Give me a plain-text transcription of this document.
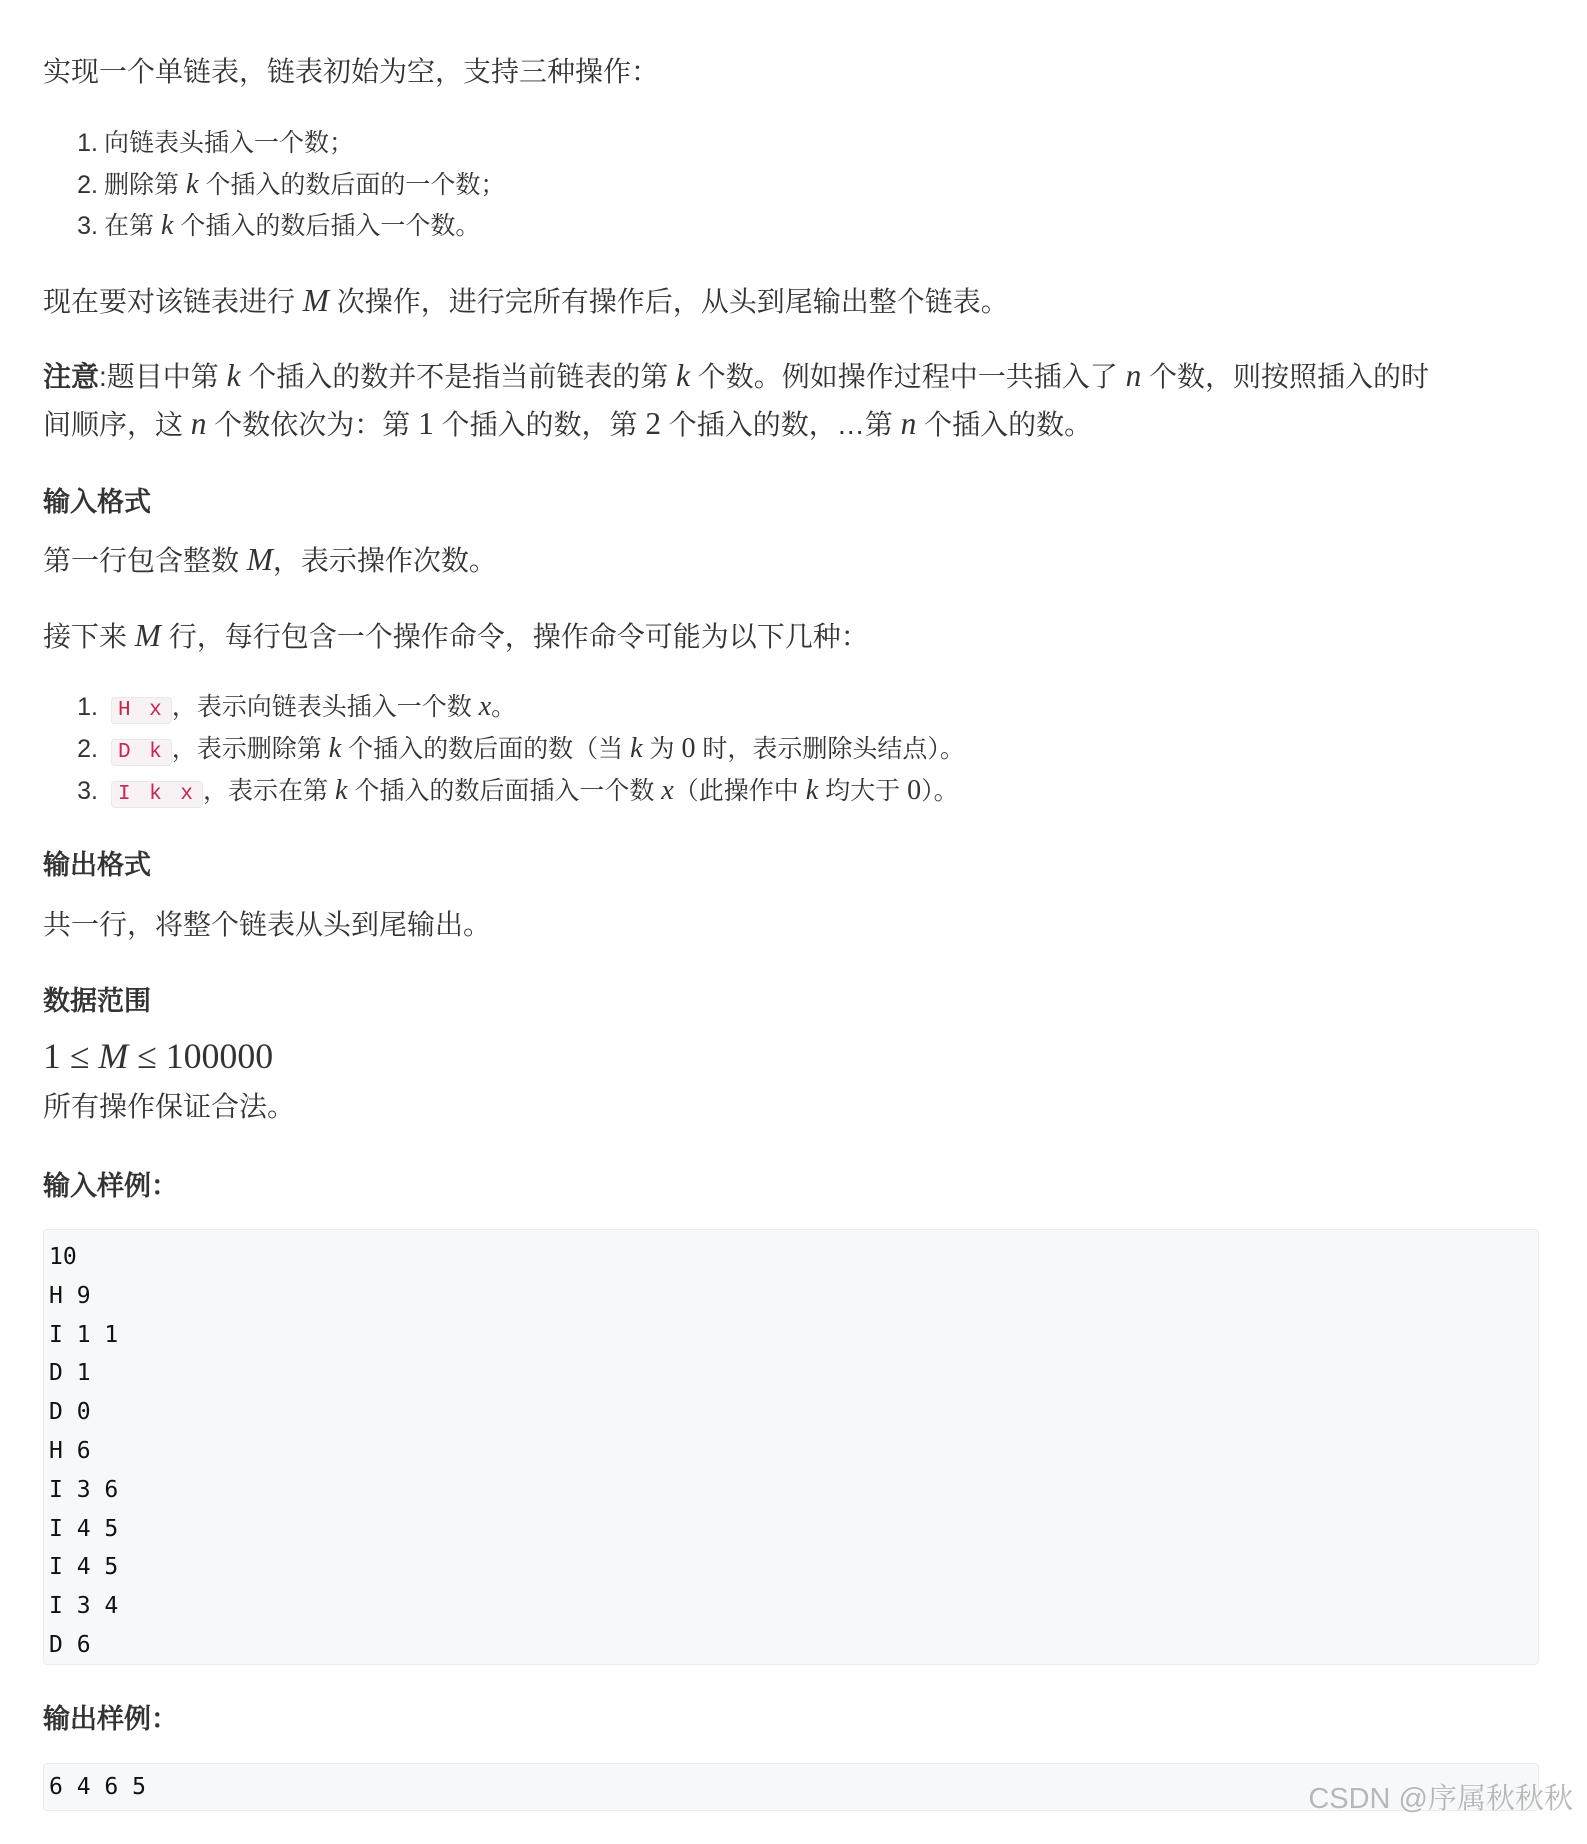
实现一个单链表，链表初始为空，支持三种操作：
1. 向链表头插入一个数；
2. 删除第 k 个插入的数后面的一个数；
3. 在第 k 个插入的数后插入一个数。
现在要对该链表进行 M 次操作，进行完所有操作后，从头到尾输出整个链表。
注意:题目中第 k 个插入的数并不是指当前链表的第 k 个数。例如操作过程中一共插入了 n 个数，则按照插入的时
间顺序，这 n 个数依次为：第 1 个插入的数，第 2 个插入的数，…第 n 个插入的数。
输入格式
第一行包含整数 M，表示操作次数。
接下来 M 行，每行包含一个操作命令，操作命令可能为以下几种：
1. H x ，表示向链表头插入一个数 x。
2. D k ，表示删除第 k 个插入的数后面的数（当 k 为 0 时，表示删除头结点）。
3. I k x ，表示在第 k 个插入的数后面插入一个数 x（此操作中 k 均大于 0）。
输出格式
共一行，将整个链表从头到尾输出。
数据范围
1 ≤ M ≤ 100000
所有操作保证合法。
输入样例：
10
H 9
I 1 1
D 1
D 0
H 6
I 3 6
I 4 5
I 4 5
I 3 4
D 6
输出样例：
6 4 6 5	CSDN @序属秋秋秋
